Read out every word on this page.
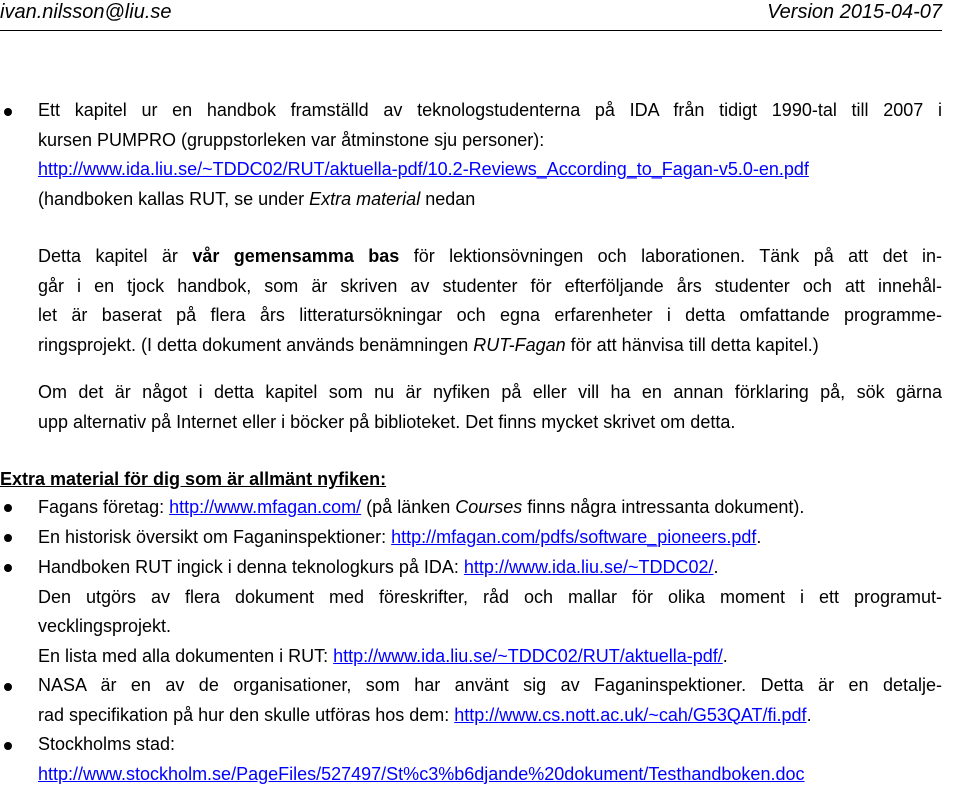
ivan.nilsson@liu.se	Version 2015-04-07
Ett kapitel ur en handbok framställd av teknologstudenterna på IDA från tidigt 1990-tal till 2007 i
kursen PUMPRO (gruppstorleken var åtminstone sju personer):
http://www.ida.liu.se/~TDDC02/RUT/aktuella-pdf/10.2-Reviews_According_to_Fagan-v5.0-en.pdf
(handboken kallas RUT, se under Extra material nedan
Detta kapitel är vår gemensamma bas för lektionsövningen och laborationen. Tänk på att det in-
går i en tjock handbok, som är skriven av studenter för efterföljande års studenter och att innehål-
let är baserat på flera års litteratursökningar och egna erfarenheter i detta omfattande programme-
ringsprojekt. (I detta dokument används benämningen RUT-Fagan för att hänvisa till detta kapitel.)
Om det är något i detta kapitel som nu är nyfiken på eller vill ha en annan förklaring på, sök gärna
upp alternativ på Internet eller i böcker på biblioteket. Det finns mycket skrivet om detta.
Extra material för dig som är allmänt nyfiken:
Fagans företag: http://www.mfagan.com/ (på länken Courses finns några intressanta dokument).
En historisk översikt om Faganinspektioner: http://mfagan.com/pdfs/software_pioneers.pdf.
Handboken RUT ingick i denna teknologkurs på IDA: http://www.ida.liu.se/~TDDC02/.
Den utgörs av flera dokument med föreskrifter, råd och mallar för olika moment i ett programut-
vecklingsprojekt.
En lista med alla dokumenten i RUT: http://www.ida.liu.se/~TDDC02/RUT/aktuella-pdf/.
NASA är en av de organisationer, som har använt sig av Faganinspektioner. Detta är en detalje-
rad specifikation på hur den skulle utföras hos dem: http://www.cs.nott.ac.uk/~cah/G53QAT/fi.pdf.
Stockholms stad:
http://www.stockholm.se/PageFiles/527497/St%c3%b6djande%20dokument/Testhandboken.doc
